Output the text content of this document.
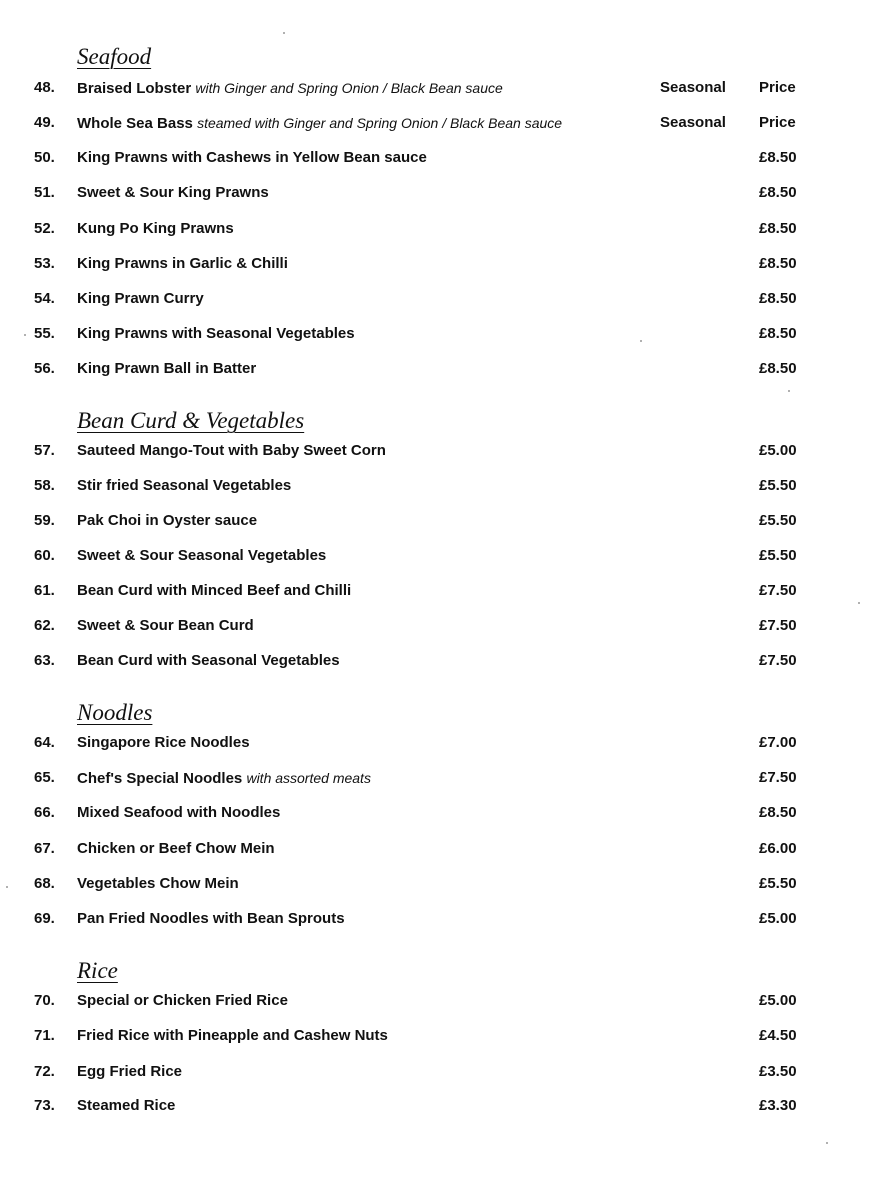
Seafood
48. Braised Lobster with Ginger and Spring Onion / Black Bean sauce	Seasonal Price
49. Whole Sea Bass steamed with Ginger and Spring Onion / Black Bean sauce	Seasonal Price
50. King Prawns with Cashews in Yellow Bean sauce	£8.50
51. Sweet & Sour King Prawns	£8.50
52. Kung Po King Prawns	£8.50
53. King Prawns in Garlic & Chilli	£8.50
54. King Prawn Curry	£8.50
55. King Prawns with Seasonal Vegetables	£8.50
56. King Prawn Ball in Batter	£8.50
Bean Curd & Vegetables
57. Sauteed Mango-Tout with Baby Sweet Corn	£5.00
58. Stir fried Seasonal Vegetables	£5.50
59. Pak Choi in Oyster sauce	£5.50
60. Sweet & Sour Seasonal Vegetables	£5.50
61. Bean Curd with Minced Beef and Chilli	£7.50
62. Sweet & Sour Bean Curd	£7.50
63. Bean Curd with Seasonal Vegetables	£7.50
Noodles
64. Singapore Rice Noodles	£7.00
65. Chef's Special Noodles with assorted meats	£7.50
66. Mixed Seafood with Noodles	£8.50
67. Chicken or Beef Chow Mein	£6.00
68. Vegetables Chow Mein	£5.50
69. Pan Fried Noodles with Bean Sprouts	£5.00
Rice
70. Special or Chicken Fried Rice	£5.00
71. Fried Rice with Pineapple and Cashew Nuts	£4.50
72. Egg Fried Rice	£3.50
73. Steamed Rice	£3.30
